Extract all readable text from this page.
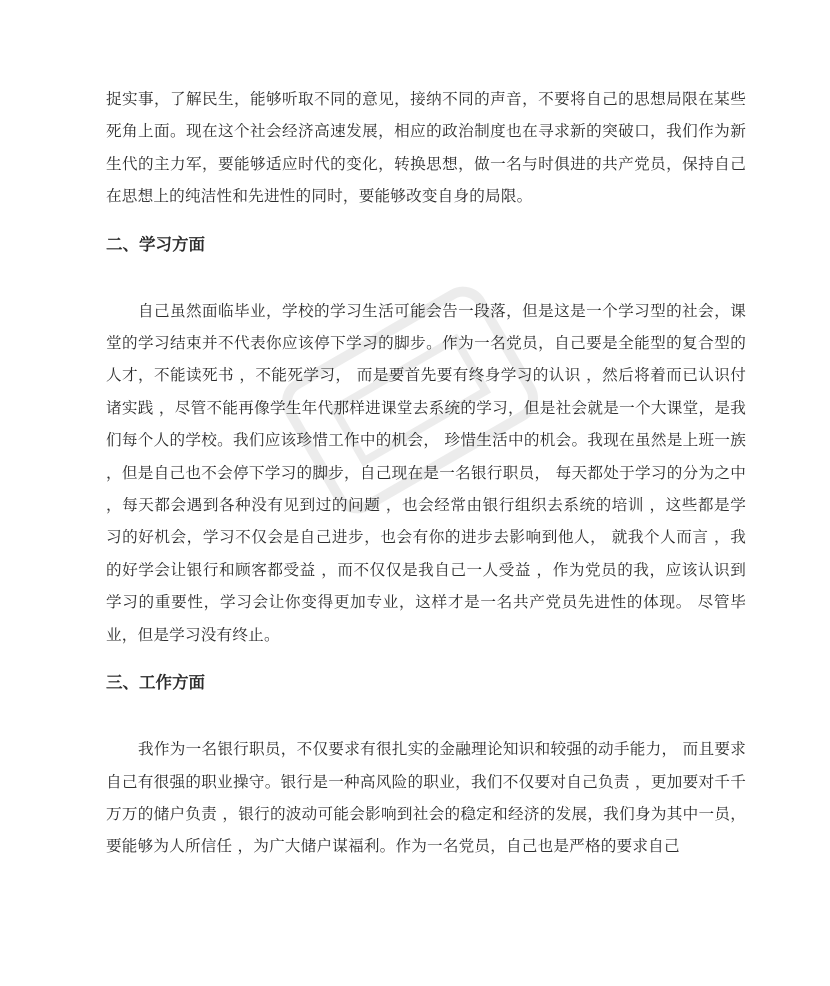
捉实事，了解民生，能够听取不同的意见，接纳不同的声音，不要将自己的思想局限在某些死角上面。现在这个社会经济高速发展，相应的政治制度也在寻求新的突破口，我们作为新生代的主力军，要能够适应时代的变化，转换思想，做一名与时俱进的共产党员，保持自己在思想上的纯洁性和先进性的同时，要能够改变自身的局限。

二、学习方面

自己虽然面临毕业，学校的学习生活可能会告一段落，但是这是一个学习型的社会，课堂的学习结束并不代表你应该停下学习的脚步。作为一名党员，自己要是全能型的复合型的人才，不能读死书 ，不能死学习， 而是要首先要有终身学习的认识 ，然后将着而已认识付诸实践 ，尽管不能再像学生年代那样进课堂去系统的学习，但是社会就是一个大课堂，是我们每个人的学校。我们应该珍惜工作中的机会， 珍惜生活中的机会。我现在虽然是上班一族 ，但是自己也不会停下学习的脚步，自己现在是一名银行职员， 每天都处于学习的分为之中 ，每天都会遇到各种没有见到过的问题 ，也会经常由银行组织去系统的培训 ，这些都是学习的好机会，学习不仅会是自己进步，也会有你的进步去影响到他人， 就我个人而言 ，我的好学会让银行和顾客都受益 ，而不仅仅是我自己一人受益 ，作为党员的我，应该认识到学习的重要性，学习会让你变得更加专业，这样才是一名共产党员先进性的体现。 尽管毕业，但是学习没有终止。

三、工作方面

我作为一名银行职员，不仅要求有很扎实的金融理论知识和较强的动手能力， 而且要求自己有很强的职业操守。银行是一种高风险的职业，我们不仅要对自己负责 ，更加要对千千万万的储户负责 ，银行的波动可能会影响到社会的稳定和经济的发展，我们身为其中一员，要能够为人所信任 ，为广大储户谋福利。作为一名党员，自己也是严格的要求自己
